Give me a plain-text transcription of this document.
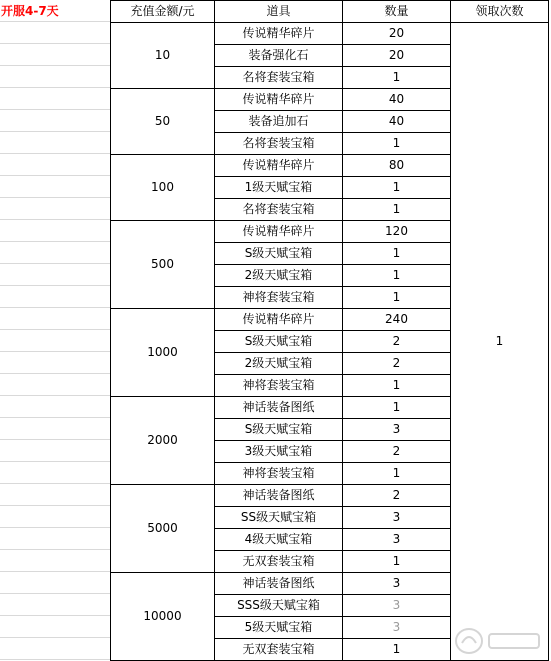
开服4-7天	充值金额/元	道具	数量	领取次数
10	传说精华碎片	20	1
	装备强化石	20	
	名将套装宝箱	1	
50	传说精华碎片	40	
	装备追加石	40	
	名将套装宝箱	1	
100	传说精华碎片	80	
	1级天赋宝箱	1	
	名将套装宝箱	1	
500	传说精华碎片	120	
	S级天赋宝箱	1	
	2级天赋宝箱	1	
	神将套装宝箱	1	
1000	传说精华碎片	240	
	S级天赋宝箱	2	
	2级天赋宝箱	2	
	神将套装宝箱	1	
2000	神话装备图纸	1	
	S级天赋宝箱	3	
	3级天赋宝箱	2	
	神将套装宝箱	1	
5000	神话装备图纸	2	
	SS级天赋宝箱	3	
	4级天赋宝箱	3	
	无双套装宝箱	1	
10000	神话装备图纸	3	
	SSS级天赋宝箱	3	
	5级天赋宝箱	3	
	无双套装宝箱	1	
